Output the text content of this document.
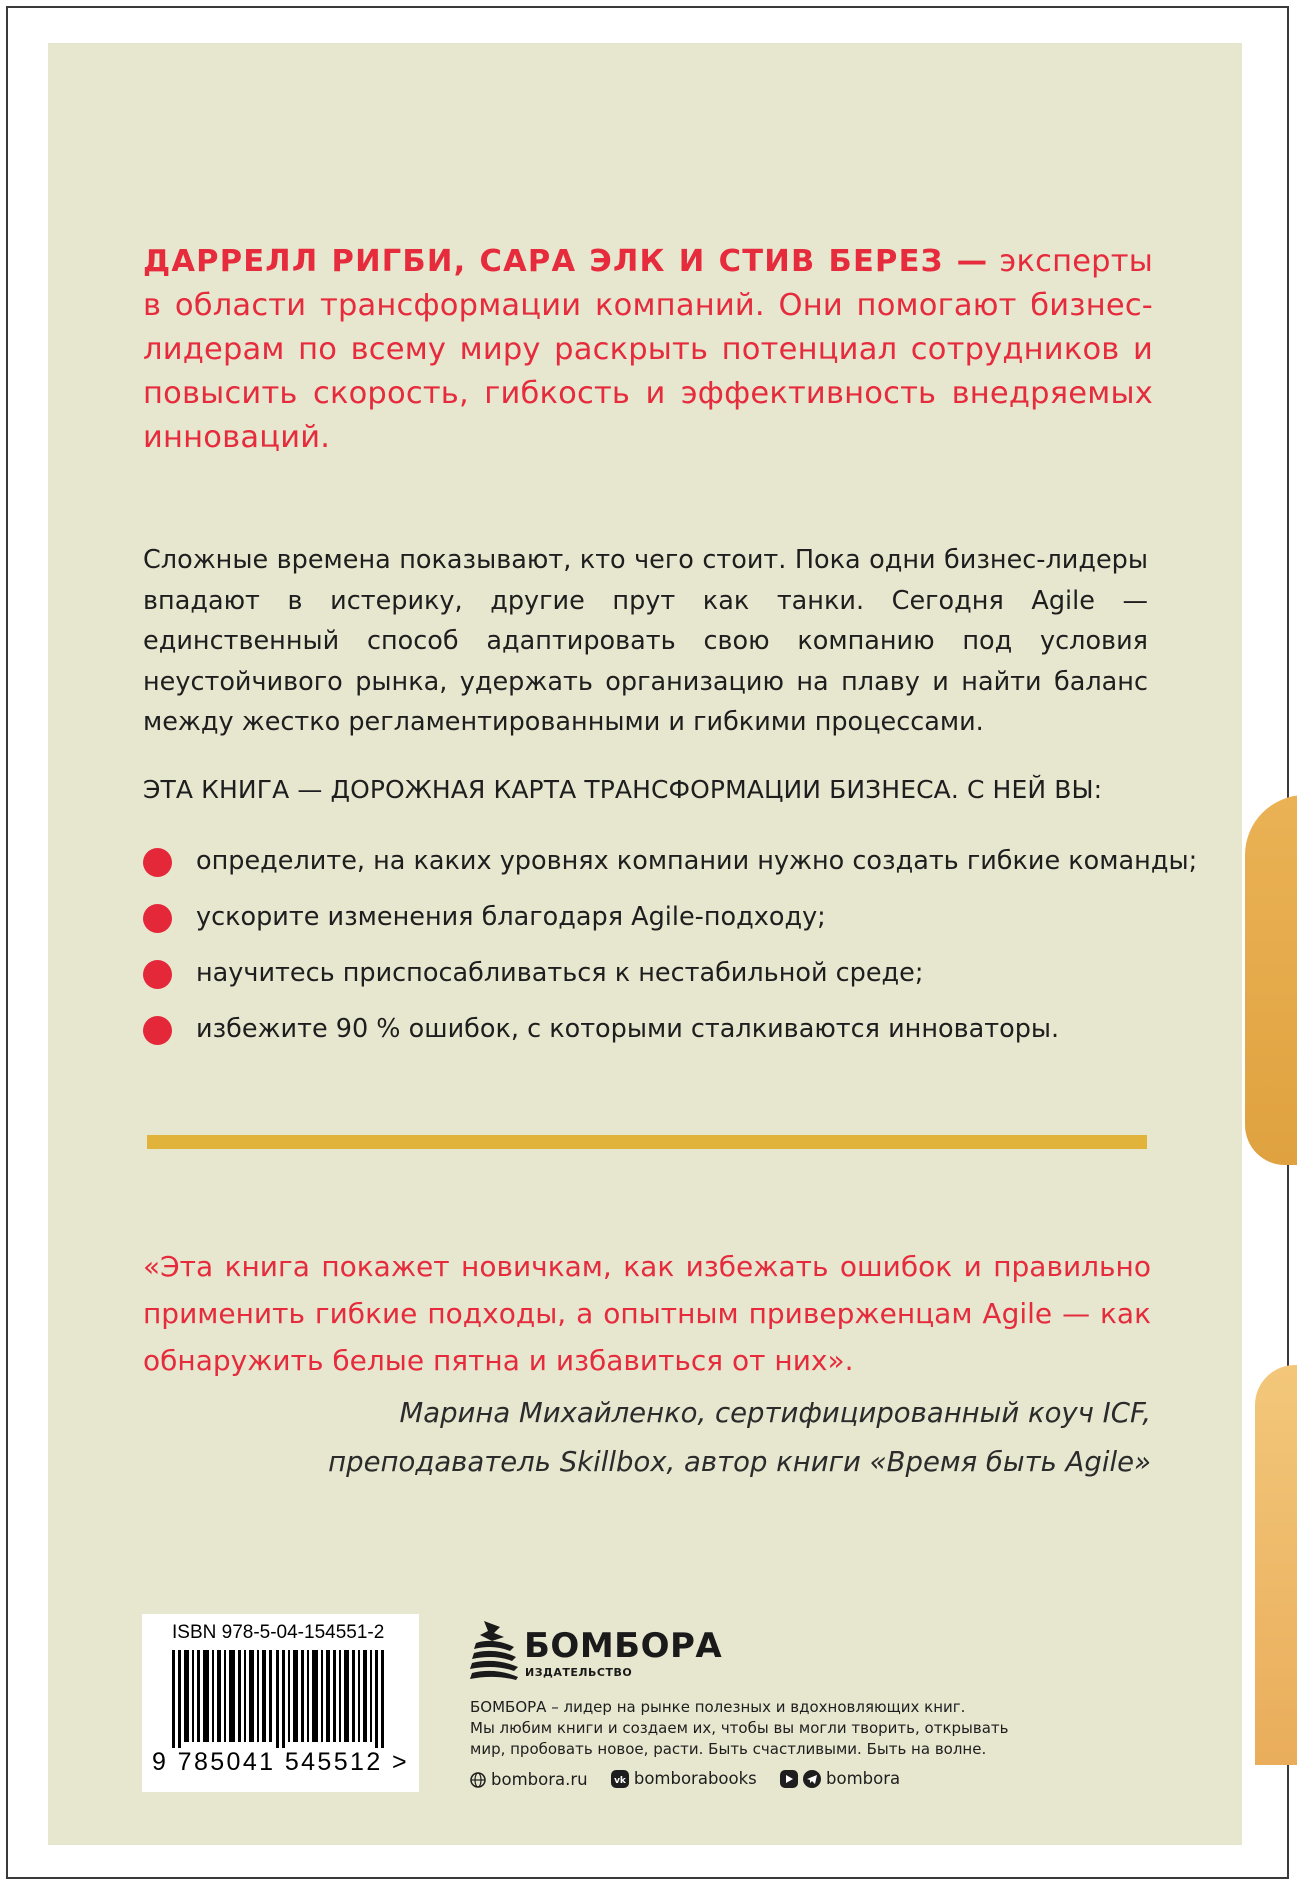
ДАРРЕЛЛ РИГБИ, САРА ЭЛК И СТИВ БЕРЕЗ — эксперты в области трансформации компаний. Они помогают бизнес-лидерам по всему миру раскрыть потенциал сотрудников и повысить скорость, гибкость и эффективность внедряемых инноваций.
Сложные времена показывают, кто чего стоит. Пока одни бизнес-лидеры впадают в истерику, другие прут как танки. Сегодня Agile — единственный способ адаптировать свою компанию под условия неустойчивого рынка, удержать организацию на плаву и найти баланс между жестко регламентированными и гибкими процессами.
ЭТА КНИГА — ДОРОЖНАЯ КАРТА ТРАНСФОРМАЦИИ БИЗНЕСА. С НЕЙ ВЫ:
определите, на каких уровнях компании нужно создать гибкие команды;
ускорите изменения благодаря Agile-подходу;
научитесь приспосабливаться к нестабильной среде;
избежите 90 % ошибок, с которыми сталкиваются инноваторы.
«Эта книга покажет новичкам, как избежать ошибок и правильно применить гибкие подходы, а опытным приверженцам Agile — как обнаружить белые пятна и избавиться от них».
Марина Михайленко, сертифицированный коуч ICF,
преподаватель Skillbox, автор книги «Время быть Agile»
ISBN 978-5-04-154551-2
9 785041 545512 >
БОМБОРА
ИЗДАТЕЛЬСТВО
БОМБОРА – лидер на рынке полезных и вдохновляющих книг.
Мы любим книги и создаем их, чтобы вы могли творить, открывать
мир, пробовать новое, расти. Быть счастливыми. Быть на волне.
bombora.ru
	vk bomborabooks
	bombora
